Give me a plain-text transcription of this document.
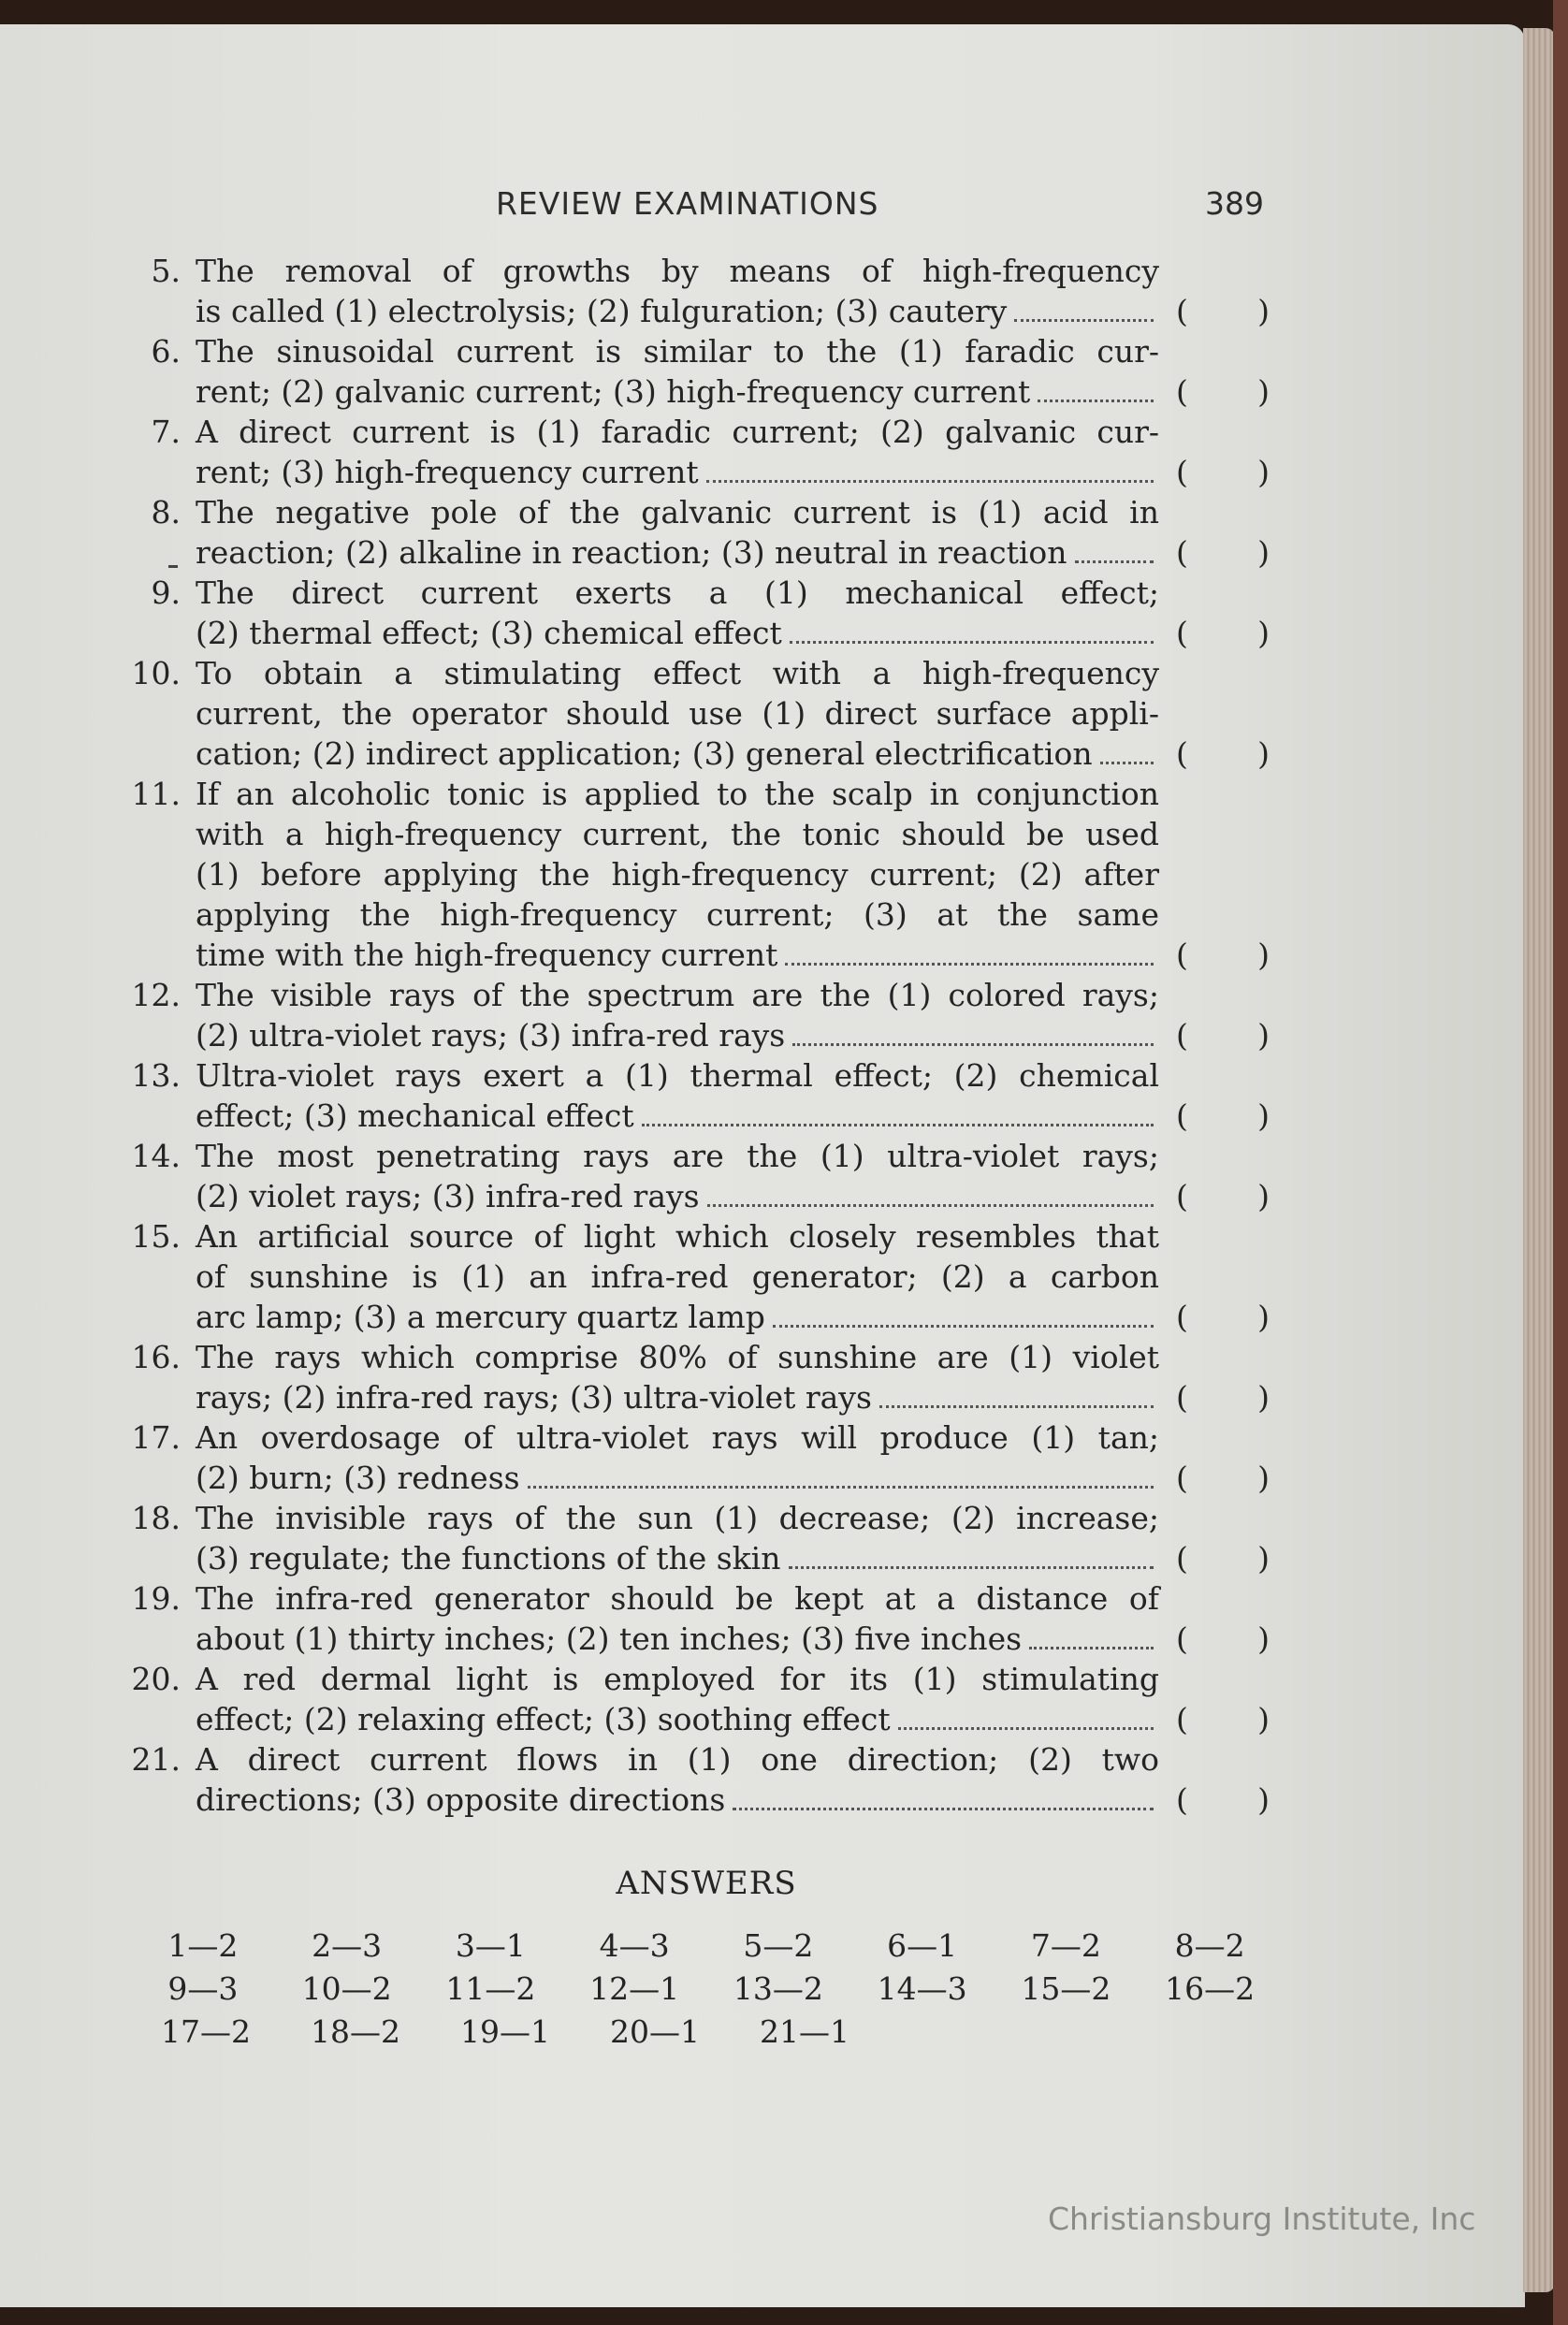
REVIEW EXAMINATIONS	389
5. The removal of growths by means of high-frequency
is called (1) electrolysis; (2) fulguration; (3) cautery	( )
6. The sinusoidal current is similar to the (1) faradic cur-
rent; (2) galvanic current; (3) high-frequency current	( )
7. A direct current is (1) faradic current; (2) galvanic cur-
rent; (3) high-frequency current	( )
8. The negative pole of the galvanic current is (1) acid in
reaction; (2) alkaline in reaction; (3) neutral in reaction	( )
9. The direct current exerts a (1) mechanical effect;
(2) thermal effect; (3) chemical effect	( )
10. To obtain a stimulating effect with a high-frequency
current, the operator should use (1) direct surface appli-
cation; (2) indirect application; (3) general electrification	( )
11. If an alcoholic tonic is applied to the scalp in conjunction
with a high-frequency current, the tonic should be used
(1) before applying the high-frequency current; (2) after
applying the high-frequency current; (3) at the same
time with the high-frequency current	( )
12. The visible rays of the spectrum are the (1) colored rays;
(2) ultra-violet rays; (3) infra-red rays	( )
13. Ultra-violet rays exert a (1) thermal effect; (2) chemical
effect; (3) mechanical effect	( )
14. The most penetrating rays are the (1) ultra-violet rays;
(2) violet rays; (3) infra-red rays	( )
15. An artificial source of light which closely resembles that
of sunshine is (1) an infra-red generator; (2) a carbon
arc lamp; (3) a mercury quartz lamp	( )
16. The rays which comprise 80% of sunshine are (1) violet
rays; (2) infra-red rays; (3) ultra-violet rays	( )
17. An overdosage of ultra-violet rays will produce (1) tan;
(2) burn; (3) redness	( )
18. The invisible rays of the sun (1) decrease; (2) increase;
(3) regulate; the functions of the skin	( )
19. The infra-red generator should be kept at a distance of
about (1) thirty inches; (2) ten inches; (3) five inches	( )
20. A red dermal light is employed for its (1) stimulating
effect; (2) relaxing effect; (3) soothing effect	( )
21. A direct current flows in (1) one direction; (2) two
directions; (3) opposite directions	( )
ANSWERS
1—2	2—3	3—1	4—3	5—2	6—1	7—2	8—2
9—3	10—2	11—2	12—1	13—2	14—3	15—2	16—2
17—2	18—2	19—1	20—1	21—1
Christiansburg Institute, Inc
